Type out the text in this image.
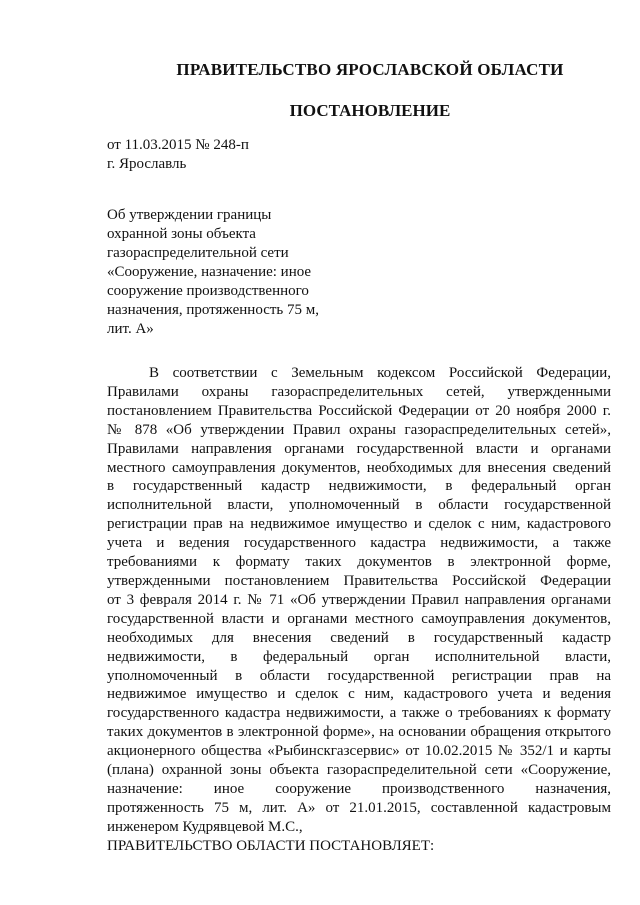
ПРАВИТЕЛЬСТВО ЯРОСЛАВСКОЙ ОБЛАСТИ
ПОСТАНОВЛЕНИЕ
от 11.03.2015 № 248-п
г. Ярославль
Об утверждении границы
охранной зоны объекта
газораспределительной сети
«Сооружение, назначение: иное
сооружение производственного
назначения, протяженность 75 м,
лит. А»
В соответствии с Земельным кодексом Российской Федерации,
Правилами охраны газораспределительных сетей, утвержденными
постановлением Правительства Российской Федерации от 20 ноября 2000 г.
№ 878 «Об утверждении Правил охраны газораспределительных сетей»,
Правилами направления органами государственной власти и органами
местного самоуправления документов, необходимых для внесения сведений
в государственный кадастр недвижимости, в федеральный орган
исполнительной власти, уполномоченный в области государственной
регистрации прав на недвижимое имущество и сделок с ним, кадастрового
учета и ведения государственного кадастра недвижимости, а также
требованиями к формату таких документов в электронной форме,
утвержденными постановлением Правительства Российской Федерации
от 3 февраля 2014 г. № 71 «Об утверждении Правил направления органами
государственной власти и органами местного самоуправления документов,
необходимых для внесения сведений в государственный кадастр
недвижимости, в федеральный орган исполнительной власти,
уполномоченный в области государственной регистрации прав на
недвижимое имущество и сделок с ним, кадастрового учета и ведения
государственного кадастра недвижимости, а также о требованиях к формату
таких документов в электронной форме», на основании обращения открытого
акционерного общества «Рыбинскгазсервис» от 10.02.2015 № 352/1 и карты
(плана) охранной зоны объекта газораспределительной сети «Сооружение,
назначение: иное сооружение производственного назначения,
протяженность 75 м, лит. А» от 21.01.2015, составленной кадастровым
инженером Кудрявцевой М.С.,
ПРАВИТЕЛЬСТВО ОБЛАСТИ ПОСТАНОВЛЯЕТ:
